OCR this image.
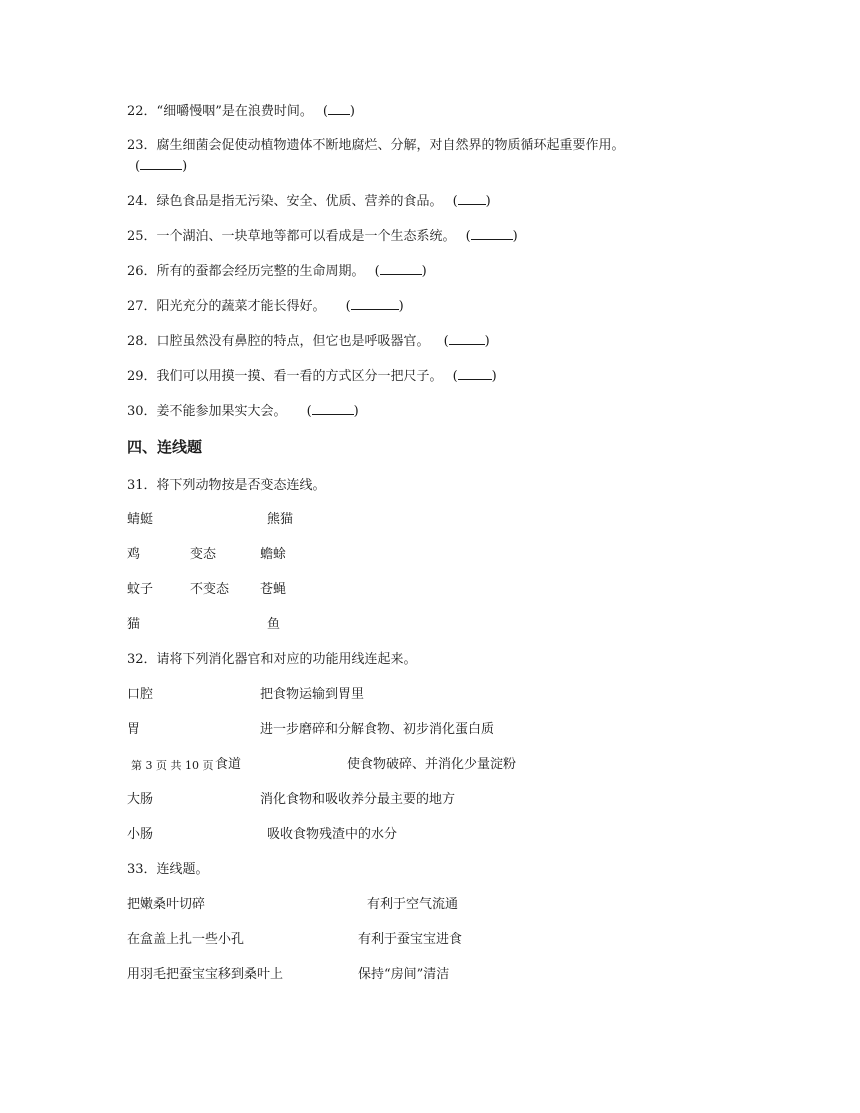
22．“细嚼慢咽”是在浪费时间。 ( )
23．腐生细菌会促使动植物遗体不断地腐烂、分解，对自然界的物质循环起重要作用。
(	)
24．绿色食品是指无污染、安全、优质、营养的食品。 ( )
25．一个湖泊、一块草地等都可以看成是一个生态系统。 (	)
26．所有的蚕都会经历完整的生命周期。 (	)
27．阳光充分的蔬菜才能长得好。 (	)
28．口腔虽然没有鼻腔的特点，但它也是呼吸器官。 (	)
29．我们可以用摸一摸、看一看的方式区分一把尺子。 (	)
30．姜不能参加果实大会。 (	)
四、连线题
31．将下列动物按是否变态连线。
蜻蜓	熊猫
鸡	变态	蟾蜍
蚊子	不变态 苍蝇
猫	鱼
32．请将下列消化器官和对应的功能用线连起来。
口腔	把食物运输到胃里
胃	进一步磨碎和分解食物、初步消化蛋白质
第 3 页 共 10 页 食道	使食物破碎、并消化少量淀粉
大肠	消化食物和吸收养分最主要的地方
小肠	吸收食物残渣中的水分
33．连线题。
把嫩桑叶切碎	有利于空气流通
在盒盖上扎一些小孔	有利于蚕宝宝进食
用羽毛把蚕宝宝移到桑叶上	保持“房间”清洁
